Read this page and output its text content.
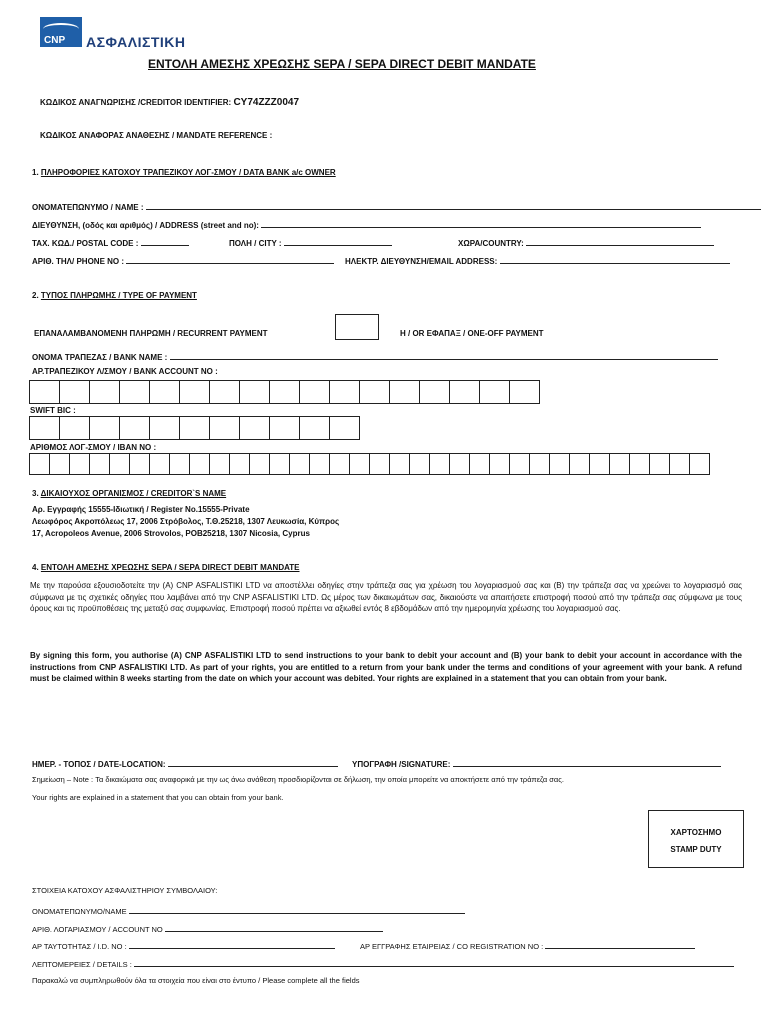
CNP ΑΣΦΑΛΙΣΤΙΚΗ
ΕΝΤΟΛΗ ΑΜΕΣΗΣ ΧΡΕΩΣΗΣ SEPA / SEPA DIRECT DEBIT MANDATE
ΚΩΔΙΚΟΣ ΑΝΑΓΝΩΡΙΣΗΣ /CREDITOR IDENTIFIER: CY74ZZZ0047
ΚΩΔΙΚΟΣ ΑΝΑΦΟΡΑΣ ΑΝΑΘΕΣΗΣ / MANDATE REFERENCE :
1. ΠΛΗΡΟΦΟΡΙΕΣ ΚΑΤΟΧΟΥ ΤΡΑΠΕΖΙΚΟΥ ΛΟΓ-ΣΜΟΥ / DATA BANK a/c OWNER
ΟΝΟΜΑΤΕΠΩΝΥΜΟ / NAME :
ΔΙΕΥΘΥΝΣΗ, (οδός και αριθμός) / ADDRESS (street and no):
ΤΑΧ. ΚΩΔ./ POSTAL CODE :	ΠΟΛΗ / CITY :	ΧΩΡΑ/COUNTRY:
ΑΡΙΘ. ΤΗΛ/ PHONE NO :	ΗΛΕΚΤΡ. ΔΙΕΥΘΥΝΣΗ/EMAIL ADDRESS:
2. ΤΥΠΟΣ ΠΛΗΡΩΜΗΣ / TYPE OF PAYMENT
ΕΠΑΝΑΛΑΜΒΑΝΟΜΕΝΗ ΠΛΗΡΩΜΗ / RECURRENT PAYMENT	Η / OR ΕΦΑΠΑΞ / ONE-OFF PAYMENT
ΟΝΟΜΑ ΤΡΑΠΕΖΑΣ / BANK NAME :
ΑΡ.ΤΡΑΠΕΖΙΚΟΥ Λ/ΣΜΟΥ / BANK ACCOUNT NO :
SWIFT BIC :
ΑΡΙΘΜΟΣ ΛΟΓ-ΣΜΟΥ / IBAN NO :
3. ΔΙΚΑΙΟΥΧΟΣ ΟΡΓΑΝΙΣΜΟΣ / CREDITOR`S NAME
Αρ. Εγγραφής 15555-Ιδιωτική / Register No.15555-Private
Λεωφόρος Ακροπόλεως 17, 2006 Στρόβολος, Τ.Θ.25218, 1307 Λευκωσία, Κύπρος
17, Acropoleos Avenue, 2006 Strovolos, POB25218, 1307 Nicosia, Cyprus
4. ΕΝΤΟΛΗ ΑΜΕΣΗΣ ΧΡΕΩΣΗΣ SEPA / SEPA DIRECT DEBIT MANDATE
Με την παρούσα εξουσιοδοτείτε την (Α) CNP ASFALISTIKI LTD να αποστέλλει οδηγίες στην τράπεζα σας για χρέωση του λογαριασμού σας και (Β) την τράπεζα σας να χρεώνει το λογαριασμό σας σύμφωνα με τις σχετικές οδηγίες που λαμβάνει από την CNP ASFALISTIKI LTD. Ως μέρος των δικαιωμάτων σας, δικαιούστε να απαιτήσετε επιστροφή ποσού από την τράπεζα σας σύμφωνα με τους όρους και τις προϋποθέσεις της μεταξύ σας συμφωνίας. Επιστροφή ποσού πρέπει να αξιωθεί εντός 8 εβδομάδων από την ημερομηνία χρέωσης του λογαριασμού σας.
By signing this form, you authorise (A) CNP ASFALISTIKI LTD to send instructions to your bank to debit your account and (B) your bank to debit your account in accordance with the instructions from CNP ASFALISTIKI LTD. As part of your rights, you are entitled to a return from your bank under the terms and conditions of your agreement with your bank. A refund must be claimed within 8 weeks starting from the date on which your account was debited. Your rights are explained in a statement that you can obtain from your bank.
ΗΜΕΡ. - ΤΟΠΟΣ / DATE-LOCATION:	ΥΠΟΓΡΑΦΗ /SIGNATURE:
Σημείωση – Note : Τα δικαιώματα σας αναφορικά με την ως άνω ανάθεση προσδιορίζονται σε δήλωση, την οποία μπορείτε να αποκτήσετε από την τράπεζα σας.
Your rights are explained in a statement that you can obtain from your bank.
ΧΑΡΤΟΣΗΜΟ
STAMP DUTY
ΣΤΟΙΧΕΙΑ ΚΑΤΟΧΟΥ ΑΣΦΑΛΙΣΤΗΡΙΟΥ ΣΥΜΒΟΛΑΙΟΥ:
ΟΝΟΜΑΤΕΠΩΝΥΜΟ/NAME
ΑΡΙΘ. ΛΟΓΑΡΙΑΣΜΟΥ / ACCOUNT NO
ΑΡ ΤΑΥΤΟΤΗΤΑΣ / I.D. NO :	ΑΡ ΕΓΓΡΑΦΗΣ ΕΤΑΙΡΕΙΑΣ / CO REGISTRATION NO :
ΛΕΠΤΟΜΕΡΕΙΕΣ / DETAILS :
Παρακαλώ να συμπληρωθούν όλα τα στοιχεία που είναι στο έντυπο / Please complete all the fields
